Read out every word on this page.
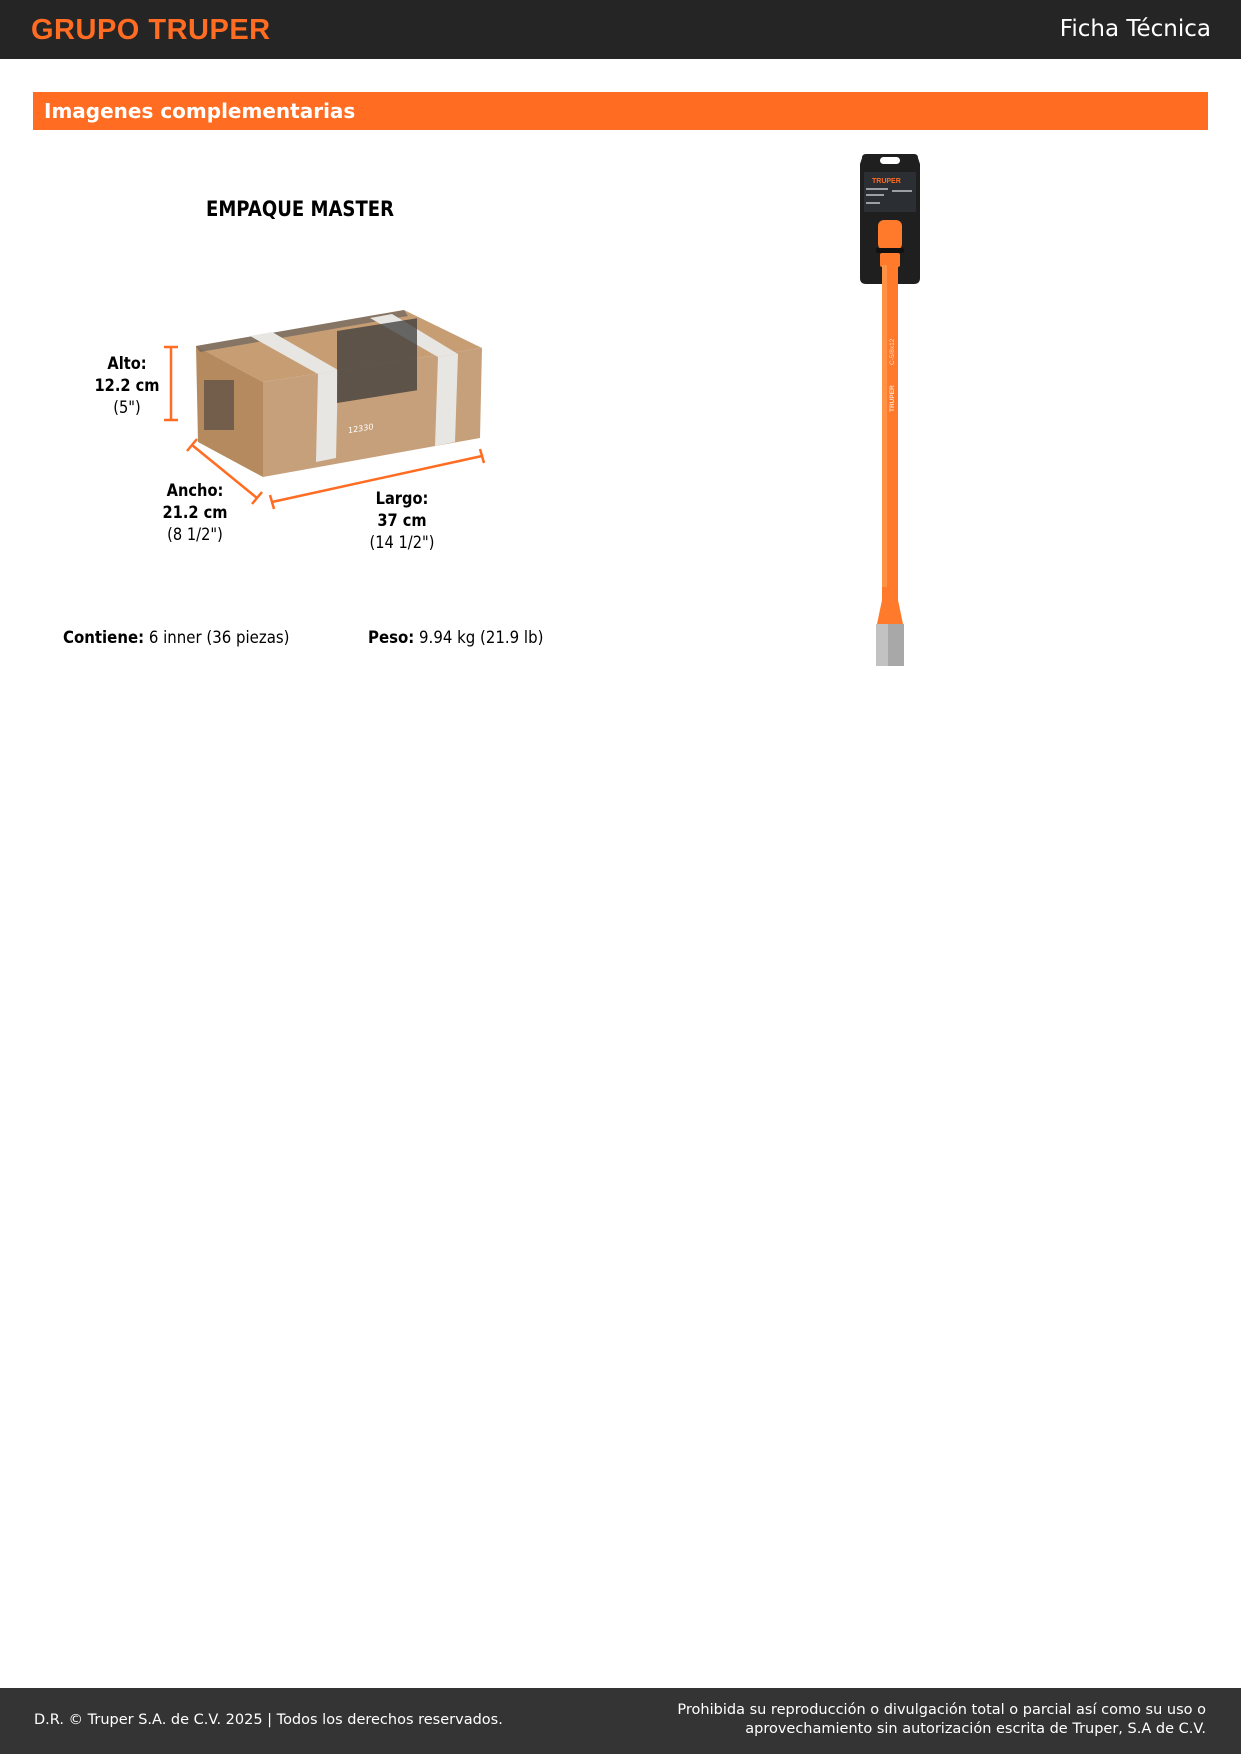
GRUPO TRUPER	Ficha Técnica
Imagenes complementarias
EMPAQUE MASTER
12330
Alto:
12.2 cm
(5")
Ancho:
21.2 cm
(8 1/2")
Largo:
37 cm
(14 1/2")
Contiene: 6 inner (36 piezas)	Peso: 9.94 kg (21.9 lb)
TRUPER
TRUPER
C-5/8x12
D.R. © Truper S.A. de C.V. 2025 | Todos los derechos reservados.
Prohibida su reproducción o divulgación total o parcial así como su uso o
aprovechamiento sin autorización escrita de Truper, S.A de C.V.
